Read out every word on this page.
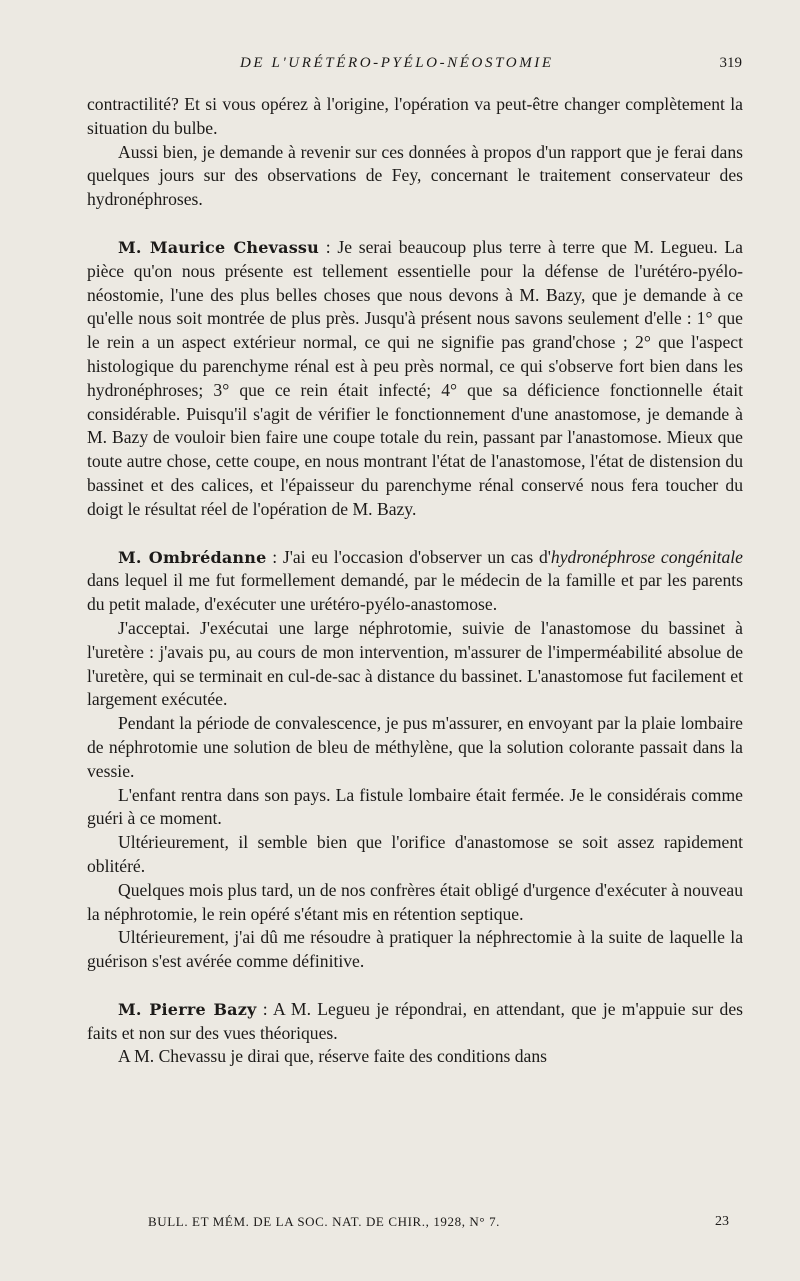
DE L'URÉTÉRO-PYÉLO-NÉOSTOMIE	319

contractilité? Et si vous opérez à l'origine, l'opération va peut-être changer complètement la situation du bulbe.

Aussi bien, je demande à revenir sur ces données à propos d'un rapport que je ferai dans quelques jours sur des observations de Fey, concernant le traitement conservateur des hydronéphroses.

M. Maurice Chevassu : Je serai beaucoup plus terre à terre que M. Legueu. La pièce qu'on nous présente est tellement essentielle pour la défense de l'urétéro-pyélo-néostomie, l'une des plus belles choses que nous devons à M. Bazy, que je demande à ce qu'elle nous soit montrée de plus près. Jusqu'à présent nous savons seulement d'elle : 1° que le rein a un aspect extérieur normal, ce qui ne signifie pas grand'chose ; 2° que l'aspect histologique du parenchyme rénal est à peu près normal, ce qui s'observe fort bien dans les hydronéphroses; 3° que ce rein était infecté; 4° que sa déficience fonctionnelle était considérable. Puisqu'il s'agit de vérifier le fonctionnement d'une anastomose, je demande à M. Bazy de vouloir bien faire une coupe totale du rein, passant par l'anastomose. Mieux que toute autre chose, cette coupe, en nous montrant l'état de l'anastomose, l'état de distension du bassinet et des calices, et l'épaisseur du parenchyme rénal conservé nous fera toucher du doigt le résultat réel de l'opération de M. Bazy.

M. Ombrédanne : J'ai eu l'occasion d'observer un cas d'hydronéphrose congénitale dans lequel il me fut formellement demandé, par le médecin de la famille et par les parents du petit malade, d'exécuter une urétéro-pyélo-anastomose.

J'acceptai. J'exécutai une large néphrotomie, suivie de l'anastomose du bassinet à l'uretère : j'avais pu, au cours de mon intervention, m'assurer de l'imperméabilité absolue de l'uretère, qui se terminait en cul-de-sac à distance du bassinet. L'anastomose fut facilement et largement exécutée.

Pendant la période de convalescence, je pus m'assurer, en envoyant par la plaie lombaire de néphrotomie une solution de bleu de méthylène, que la solution colorante passait dans la vessie.

L'enfant rentra dans son pays. La fistule lombaire était fermée. Je le considérais comme guéri à ce moment.

Ultérieurement, il semble bien que l'orifice d'anastomose se soit assez rapidement oblitéré.

Quelques mois plus tard, un de nos confrères était obligé d'urgence d'exécuter à nouveau la néphrotomie, le rein opéré s'étant mis en rétention septique.

Ultérieurement, j'ai dû me résoudre à pratiquer la néphrectomie à la suite de laquelle la guérison s'est avérée comme définitive.

M. Pierre Bazy : A M. Legueu je répondrai, en attendant, que je m'appuie sur des faits et non sur des vues théoriques.

A M. Chevassu je dirai que, réserve faite des conditions dans

BULL. ET MÉM. DE LA SOC. NAT. DE CHIR., 1928, N° 7.	23
